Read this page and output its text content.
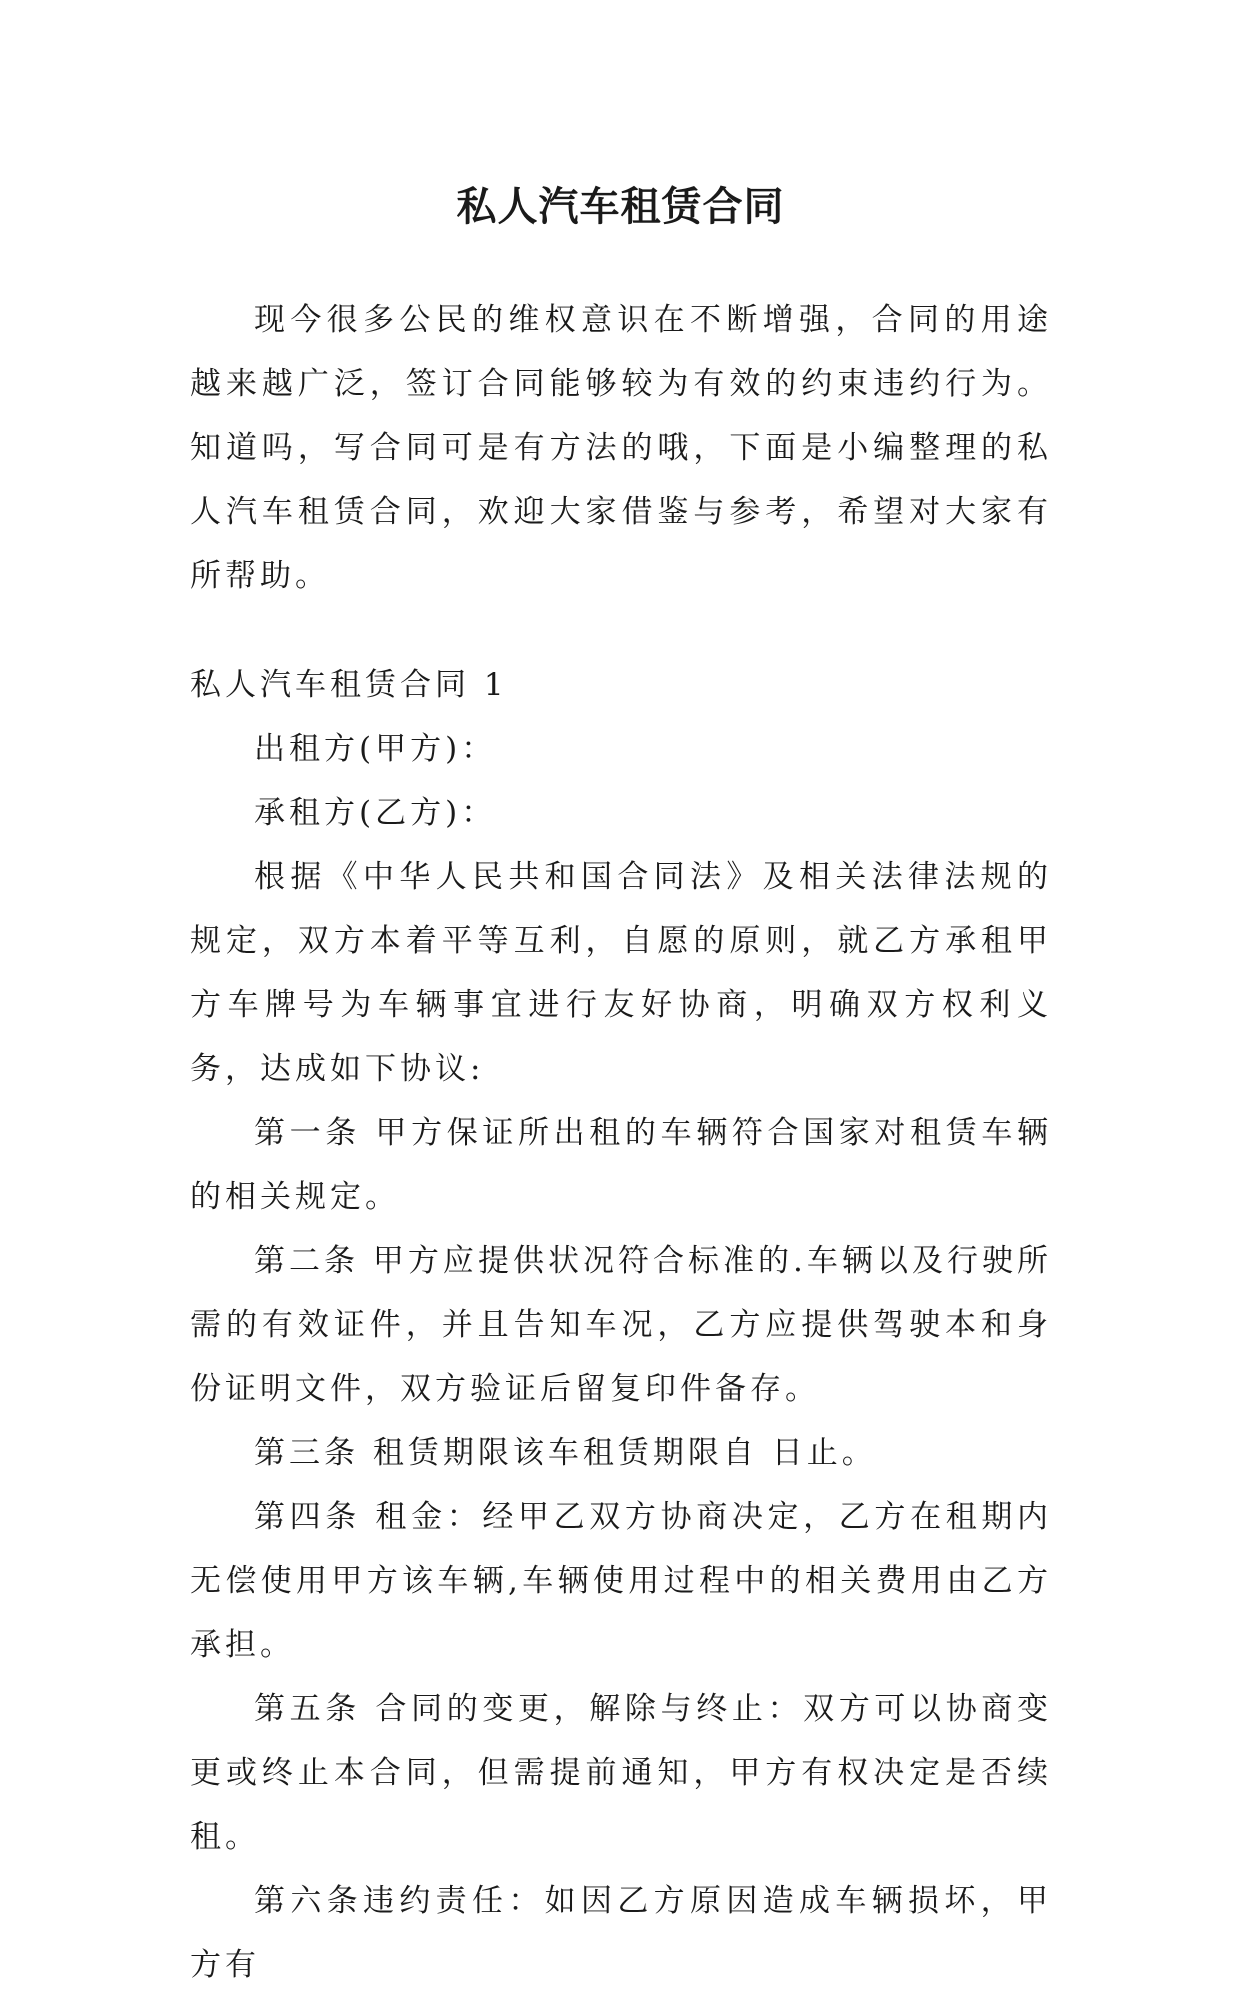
私人汽车租赁合同

现今很多公民的维权意识在不断增强，合同的用途越来越广泛，签订合同能够较为有效的约束违约行为。知道吗，写合同可是有方法的哦，下面是小编整理的私人汽车租赁合同，欢迎大家借鉴与参考，希望对大家有所帮助。

私人汽车租赁合同 1

出租方(甲方)：

承租方(乙方)：

根据《中华人民共和国合同法》及相关法律法规的规定，双方本着平等互利，自愿的原则，就乙方承租甲方车牌号为车辆事宜进行友好协商，明确双方权利义务，达成如下协议:

第一条 甲方保证所出租的车辆符合国家对租赁车辆的相关规定。

第二条 甲方应提供状况符合标准的.车辆以及行驶所需的有效证件，并且告知车况，乙方应提供驾驶本和身份证明文件，双方验证后留复印件备存。

第三条 租赁期限该车租赁期限自 日止。

第四条 租金：经甲乙双方协商决定，乙方在租期内无偿使用甲方该车辆,车辆使用过程中的相关费用由乙方承担。

第五条 合同的变更，解除与终止：双方可以协商变更或终止本合同，但需提前通知，甲方有权决定是否续租。

第六条违约责任：如因乙方原因造成车辆损坏，甲方有
